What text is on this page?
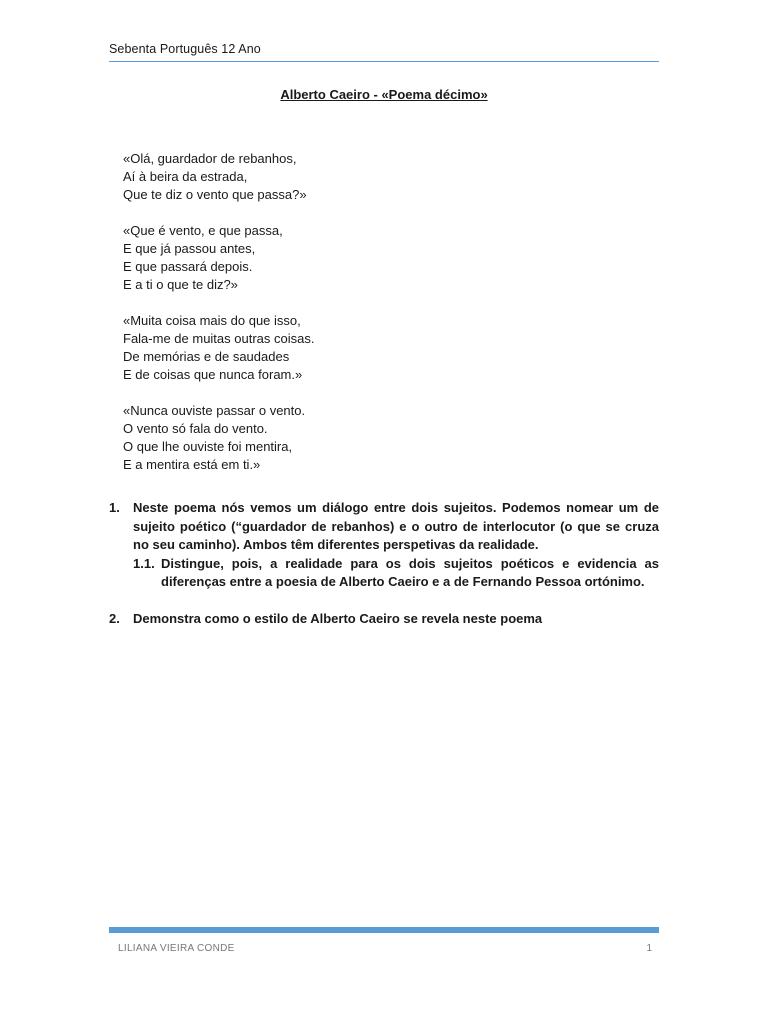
Sebenta Português 12 Ano
Alberto Caeiro - «Poema décimo»
«Olá, guardador de rebanhos,
Aí à beira da estrada,
Que te diz o vento que passa?»
«Que é vento, e que passa,
E que já passou antes,
E que passará depois.
E a ti o que te diz?»
«Muita coisa mais do que isso,
Fala-me de muitas outras coisas.
De memórias e de saudades
E de coisas que nunca foram.»
«Nunca ouviste passar o vento.
O vento só fala do vento.
O que lhe ouviste foi mentira,
E a mentira está em ti.»
1. Neste poema nós vemos um diálogo entre dois sujeitos. Podemos nomear um de sujeito poético (“guardador de rebanhos) e o outro de interlocutor (o que se cruza no seu caminho). Ambos têm diferentes perspetivas da realidade.
1.1. Distingue, pois, a realidade para os dois sujeitos poéticos e evidencia as diferenças entre a poesia de Alberto Caeiro e a de Fernando Pessoa ortónimo.
2. Demonstra como o estilo de Alberto Caeiro se revela neste poema
LILIANA VIEIRA CONDE	1
